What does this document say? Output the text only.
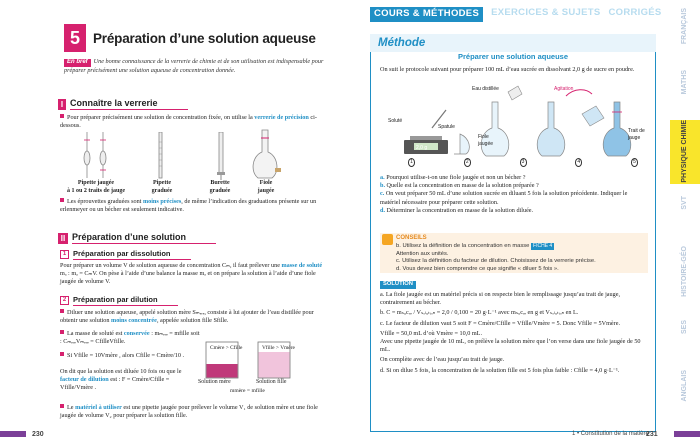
5 Préparation d’une solution aqueuse

En bref Une bonne connaissance de la verrerie de chimie et de son utilisation est indispensable pour préparer précisément une solution aqueuse de concentration donnée.

I Connaître la verrerie
Pour préparer précisément une solution de concentration fixée, on utilise la verrerie de précision ci-dessous.
Pipette jaugée
à 1 ou 2 traits de jauge
Pipette
graduée
Burette
graduée
Fiole
jaugée
Les éprouvettes graduées sont moins précises, de même l’indication des graduations présente sur un erlenmeyer ou un bécher est seulement indicative.
II Préparation d’une solution
1 Préparation par dissolution
Pour préparer un volume V de solution aqueuse de concentration Cₘ, il faut prélever une masse de soluté mₐ : mₐ = CₘV. On pèse à l’aide d’une balance la masse mₐ et on prépare la solution à l’aide d’une fiole jaugée de volume V.
2 Préparation par dilution
Diluer une solution aqueuse, appelé solution mère Sₘₑᵣₑ, consiste à lui ajouter de l’eau distillée pour obtenir une solution moins concentrée, appelée solution fille Sfille.
La masse de soluté est conservée : mₘₑᵣₑ = mfille soit : CₘₑᵣₑVₘₑᵣₑ = CfilleVfille.
Si Vfille = 10Vmère , alors Cfille = Cmère/10 .
On dit que la solution est diluée 10 fois ou que le facteur de dilution est : F = Cmère/Cfille = Vfille/Vmère .
Cmère > Cfille	Vfille > Vmère
Solution mère	Solution fille
mmère = mfille
Le matériel à utiliser est une pipette jaugée pour prélever le volume V₁ de solution mère et une fiole jaugée de volume V₂ pour préparer la solution fille.
230
COURS & MÉTHODES	EXERCICES & SUJETS CORRIGÉS
Méthode
Préparer une solution aqueuse
On suit le protocole suivant pour préparer 100 mL d’eau sucrée en dissolvant 2,0 g de sucre en poudre.
Eau distillée	Agitation
Soluté
Spatule
Fiole jaugée
Trait de jauge
2,0 g
1	2	3	4	5
a. Pourquoi utilise-t-on une fiole jaugée et non un bécher ?
b. Quelle est la concentration en masse de la solution préparée ?
c. On veut préparer 50 mL d’une solution sucrée en diluant 5 fois la solution précédente. Indiquer le matériel nécessaire pour préparer cette solution.
d. Déterminer la concentration en masse de la solution diluée.
CONSEILS
b. Utilisez la définition de la concentration en masse FICHE 4
Attention aux unités.
c. Utilisez la définition du facteur de dilution. Choisissez de la verrerie précise.
d. Vous devez bien comprendre ce que signifie « diluer 5 fois ».
SOLUTION
a. La fiole jaugée est un matériel précis si on respecte bien le remplissage jusqu’au trait de jauge, contrairement au bécher.
b. C = mₛᵤcᵣₑ / Vₛₒₗᵤₜᵢₒₙ = 2,0 / 0,100 = 20 g·L⁻¹ avec mₛᵤcᵣₑ en g et Vₛₒₗᵤₜᵢₒₙ en L.
c. Le facteur de dilution vaut 5 soit F = Cmère/Cfille = Vfille/Vmère = 5. Donc Vfille = 5Vmère.
Vfille = 50,0 mL d’où Vmère = 10,0 mL.
Avec une pipette jaugée de 10 mL, on prélève la solution mère que l’on verse dans une fiole jaugée de 50 mL.
On complète avec de l’eau jusqu’au trait de jauge.
d. Si on dilue 5 fois, la concentration de la solution fille est 5 fois plus faible : Cfille = 4,0 g·L⁻¹.
1 • Constitution de la matière
231
FRANÇAIS
MATHS
PHYSIQUE CHIMIE
SVT
HISTOIRE-GÉO
SES
ANGLAIS
